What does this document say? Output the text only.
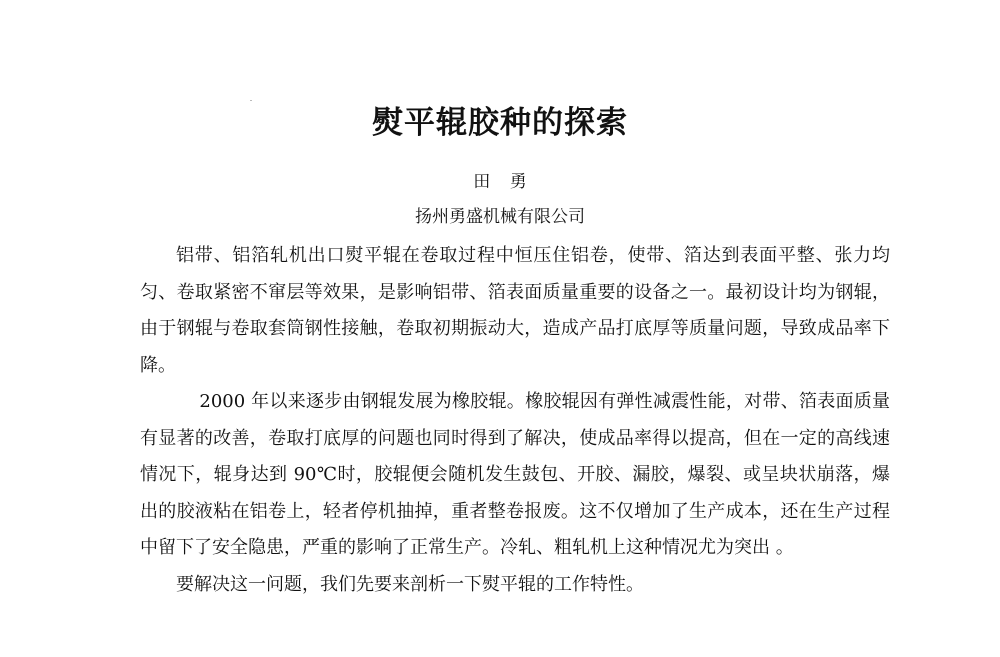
熨平辊胶种的探索
田 勇
扬州勇盛机械有限公司

铝带、铝箔轧机出口熨平辊在卷取过程中恒压住铝卷，使带、箔达到表面平整、张力均匀、卷取紧密不窜层等效果，是影响铝带、箔表面质量重要的设备之一。最初设计均为钢辊，由于钢辊与卷取套筒钢性接触，卷取初期振动大，造成产品打底厚等质量问题，导致成品率下降。

2000 年以来逐步由钢辊发展为橡胶辊。橡胶辊因有弹性减震性能，对带、箔表面质量有显著的改善，卷取打底厚的问题也同时得到了解决，使成品率得以提高，但在一定的高线速情况下，辊身达到 90℃时，胶辊便会随机发生鼓包、开胶、漏胶，爆裂、或呈块状崩落，爆出的胶液粘在铝卷上，轻者停机抽掉，重者整卷报废。这不仅增加了生产成本，还在生产过程中留下了安全隐患，严重的影响了正常生产。冷轧、粗轧机上这种情况尤为突出 。

要解决这一问题，我们先要来剖析一下熨平辊的工作特性。
